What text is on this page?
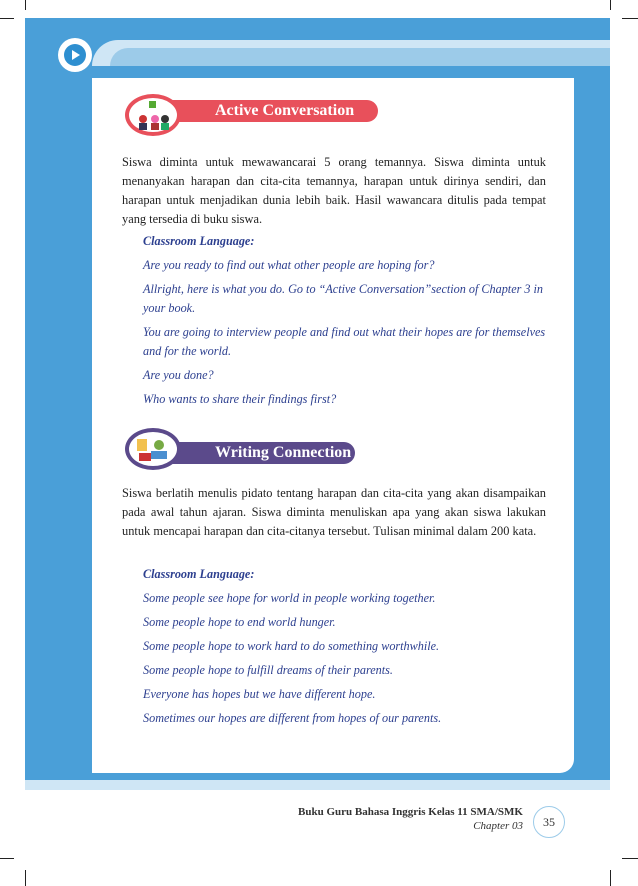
Active Conversation
Siswa diminta untuk mewawancarai 5 orang temannya. Siswa diminta untuk menanyakan harapan dan cita-cita temannya, harapan untuk dirinya sendiri, dan harapan untuk menjadikan dunia lebih baik. Hasil wawancara ditulis pada tempat yang tersedia di buku siswa.
Classroom Language:
Are you ready to find out what other people are hoping for?
Allright, here is what you do. Go to “Active Conversation”section of Chapter 3 in your book.
You are going to interview people and find out what their hopes are for themselves and for the world.
Are you done?
Who wants to share their findings first?
Writing Connection
Siswa berlatih menulis pidato tentang harapan dan cita-cita yang akan disampaikan pada awal tahun ajaran. Siswa diminta menuliskan apa yang akan siswa lakukan untuk mencapai harapan dan cita-citanya tersebut. Tulisan minimal dalam 200 kata.
Classroom Language:
Some people see hope for world in people working together.
Some people hope to end world hunger.
Some people hope to work hard to do something worthwhile.
Some people hope to fulfill dreams of their parents.
Everyone has hopes but we have different hope.
Sometimes our hopes are different from hopes of our parents.
Buku Guru Bahasa Inggris Kelas 11 SMA/SMK
Chapter 03	35
